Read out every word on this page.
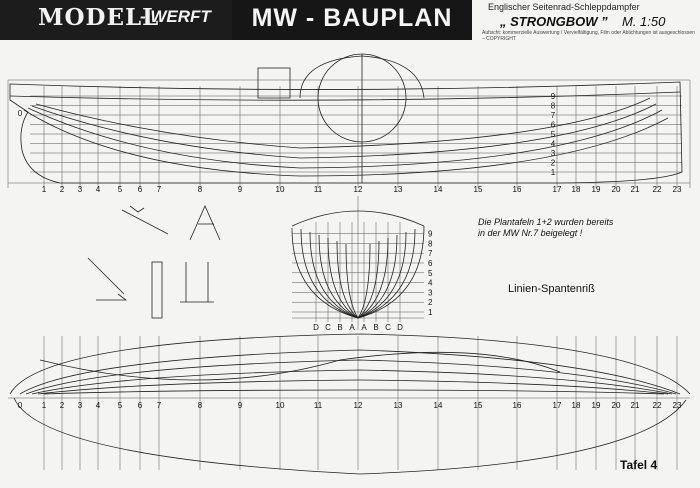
MODELL
- WERFT	MW - BAUPLAN	Englischer Seitenrad-Schleppdampfer
„ STRONGBOW ” M. 1:50
Aufsicht: kommerzielle Auswertung / Vervielfältigung, Film oder Ablichtungen ist ausgeschlossen – COPYRIGHT
1 2 3 4 5 6 7	8	9	10	11	12	13	14	15	16	17 18 19 20 21 22 23
1
2
3
4
5
6
7
8
9
0
1
2
3
4
5
6
7
8
9
D C B A A B C D
1 2 3 4 5 6 7	8	9	10	11	12	13	14	15	16	17 18 19 20 21 22 23
0
Die Plantafeln 1+2 wurden bereits
in der MW Nr.7 beigelegt !
Linien-Spantenriß
Tafel 4
